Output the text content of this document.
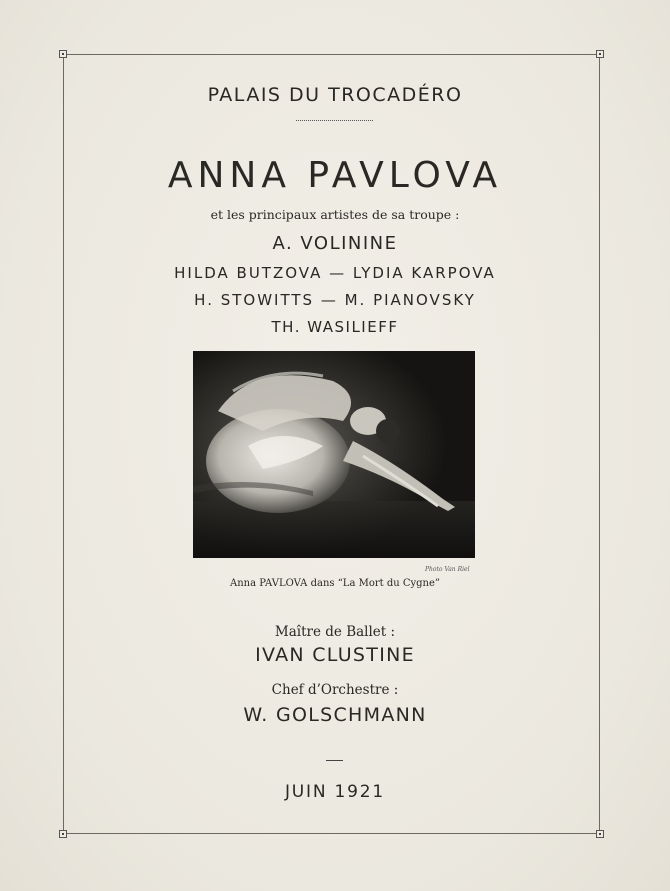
PALAIS DU TROCADÉRO
ANNA PAVLOVA
et les principaux artistes de sa troupe :
A. VOLININE
HILDA BUTZOVA — LYDIA KARPOVA
H. STOWITTS — M. PIANOVSKY
TH. WASILIEFF
Photo Van Riel
Anna PAVLOVA dans “La Mort du Cygne”
Maître de Ballet :
IVAN CLUSTINE
Chef d’Orchestre :
W. GOLSCHMANN
JUIN 1921
